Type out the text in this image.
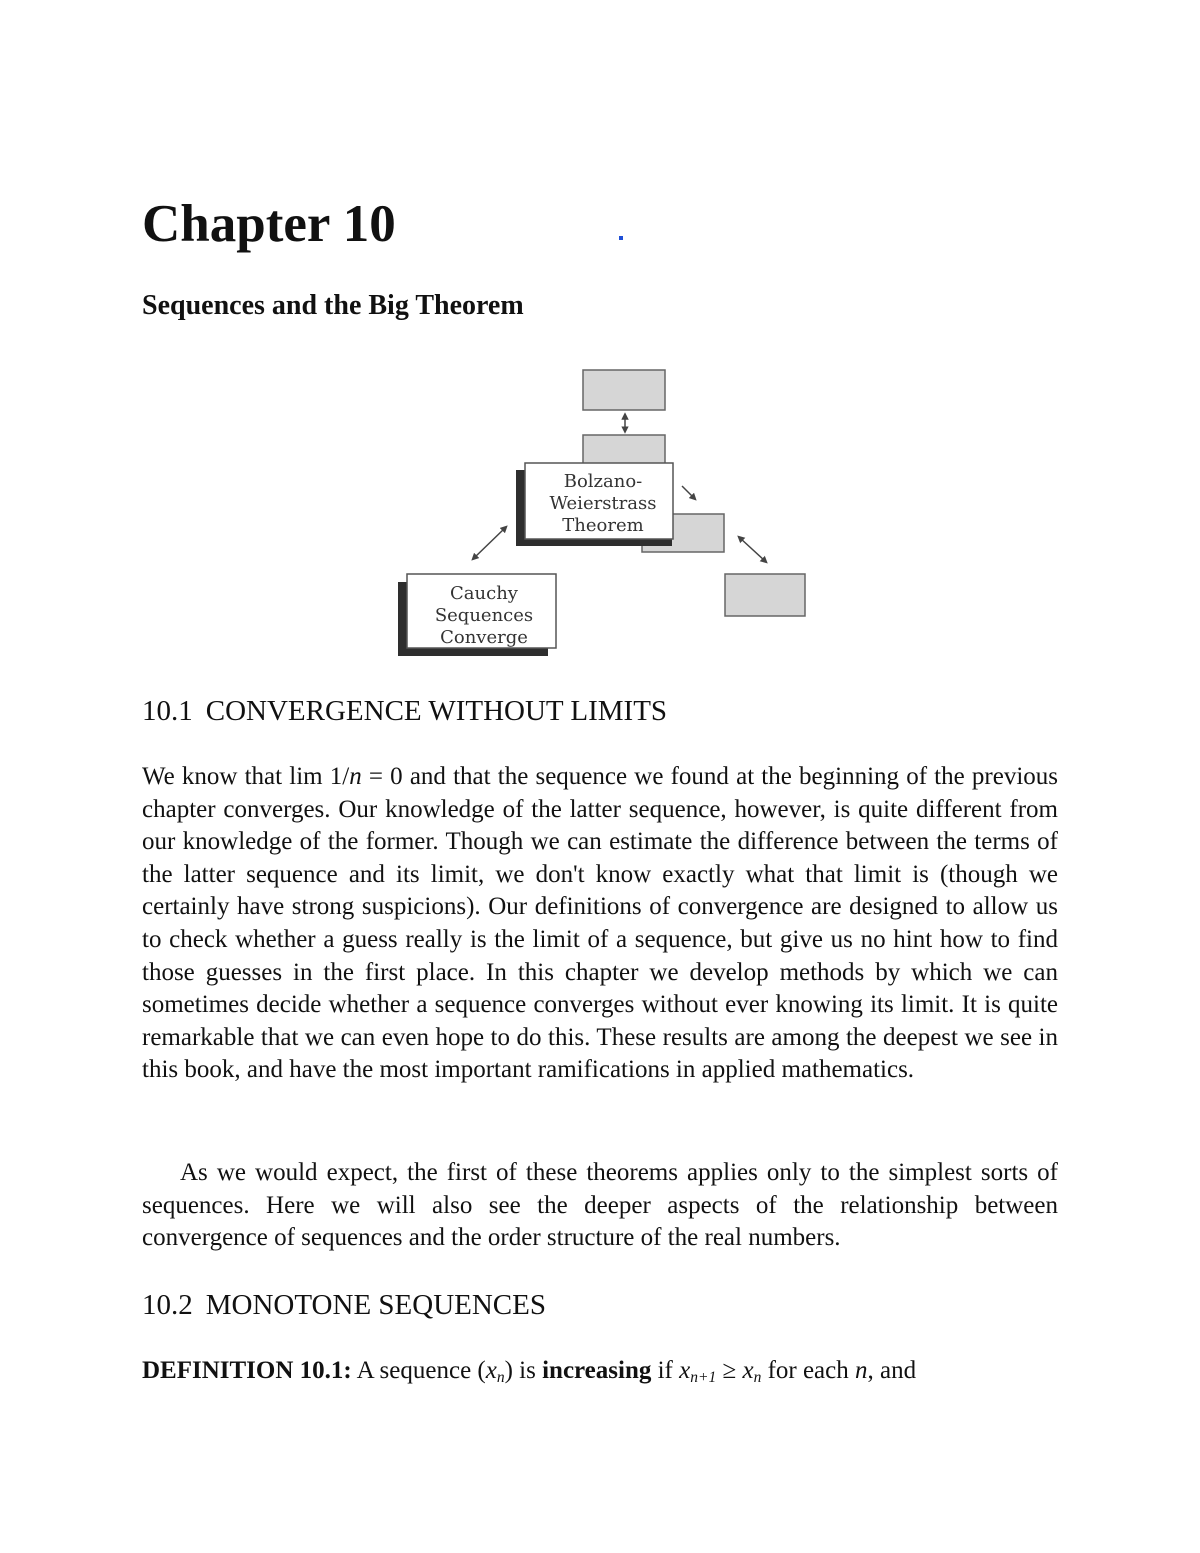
Chapter 10
Sequences and the Big Theorem
Bolzano-
Weierstrass
Theorem
Cauchy
Sequences
Converge
10.1 CONVERGENCE WITHOUT LIMITS

We know that lim 1/n = 0 and that the sequence we found at the beginning of the previous chapter converges. Our knowledge of the latter sequence, however, is quite different from our knowledge of the former. Though we can estimate the difference between the terms of the latter sequence and its limit, we don't know exactly what that limit is (though we certainly have strong suspicions). Our definitions of convergence are designed to allow us to check whether a guess really is the limit of a sequence, but give us no hint how to find those guesses in the first place. In this chapter we develop methods by which we can sometimes decide whether a sequence converges without ever knowing its limit. It is quite remarkable that we can even hope to do this. These results are among the deepest we see in this book, and have the most important ramifications in applied mathematics.

As we would expect, the first of these theorems applies only to the simplest sorts of sequences. Here we will also see the deeper aspects of the relationship between convergence of sequences and the order structure of the real numbers.

10.2 MONOTONE SEQUENCES

DEFINITION 10.1: A sequence $(x_n)$ is increasing if $x_{n+1} \ge x_n$ for each n, and
